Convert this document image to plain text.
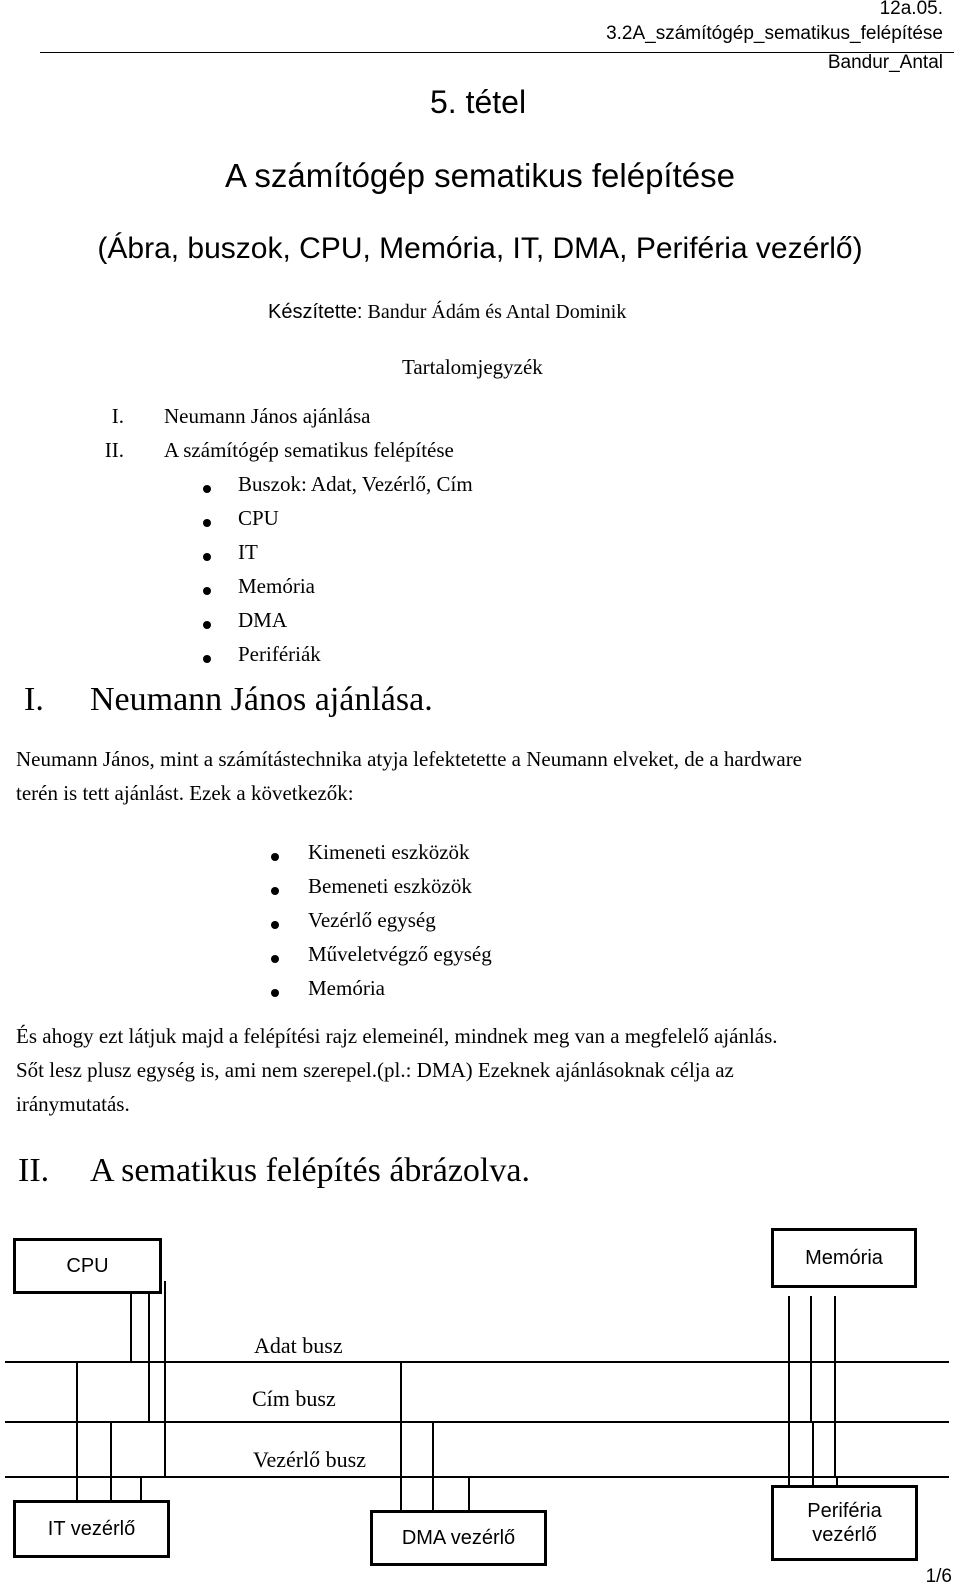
12a.05.
3.2A_számítógép_sematikus_felépítése
Bandur_Antal
5. tétel
A számítógép sematikus felépítése
(Ábra, buszok, CPU, Memória, IT, DMA, Periféria vezérlő)
Készítette: Bandur Ádám és Antal Dominik
Tartalomjegyzék
I. Neumann János ajánlása
II. A számítógép sematikus felépítése
Buszok: Adat, Vezérlő, Cím
CPU
IT
Memória
DMA
Perifériák
I. Neumann János ajánlása.
Neumann János, mint a számítástechnika atyja lefektetette a Neumann elveket, de a hardware
terén is tett ajánlást. Ezek a következők:
Kimeneti eszközök
Bemeneti eszközök
Vezérlő egység
Műveletvégző egység
Memória
És ahogy ezt látjuk majd a felépítési rajz elemeinél, mindnek meg van a megfelelő ajánlás.
Sőt lesz plusz egység is, ami nem szerepel.(pl.: DMA) Ezeknek ajánlásoknak célja az
iránymutatás.
II. A sematikus felépítés ábrázolva.
Adat busz
Cím busz
Vezérlő busz
CPU	Memória
IT vezérlő	DMA vezérlő
Periféria
vezérlő
1/6
